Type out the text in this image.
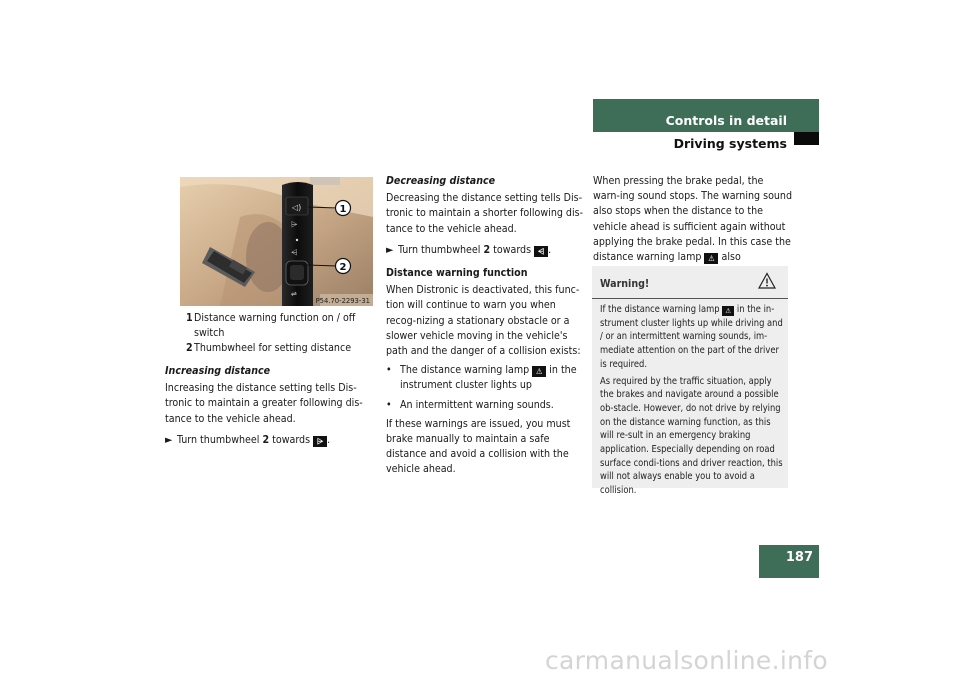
Controls in detail
Driving systems
◁)
⩥
⩤
⇌
1
2
P54.70-2293-31
1 Distance warning function on / off switch
2 Thumbwheel for setting distance

Increasing distance

Increasing the distance setting tells Dis-tronic to maintain a greater following dis-tance to the vehicle ahead.

► Turn thumbwheel 2 towards ⩥ .

Decreasing distance

Decreasing the distance setting tells Dis-tronic to maintain a shorter following dis-tance to the vehicle ahead.

► Turn thumbwheel 2 towards ⩤ .

Distance warning function

When Distronic is deactivated, this func-tion will continue to warn you when recog-nizing a stationary obstacle or a slower vehicle moving in the vehicle's path and the danger of a collision exists:

• The distance warning lamp ⚠ in the instrument cluster lights up
• An intermittent warning sounds.

If these warnings are issued, you must brake manually to maintain a safe distance and avoid a collision with the vehicle ahead.

When pressing the brake pedal, the warn-ing sound stops. The warning sound also stops when the distance to the vehicle ahead is sufficient again without applying the brake pedal. In this case the distance warning lamp ⚠ also

Warning!

If the distance warning lamp ⚠ in the in-strument cluster lights up while driving and / or an intermittent warning sounds, im-mediate attention on the part of the driver is required.

As required by the traffic situation, apply the brakes and navigate around a possible ob-stacle. However, do not drive by relying on the distance warning function, as this will re-sult in an emergency braking application. Especially depending on road surface condi-tions and driver reaction, this will not always enable you to avoid a collision.

187
carmanualsonline.info
